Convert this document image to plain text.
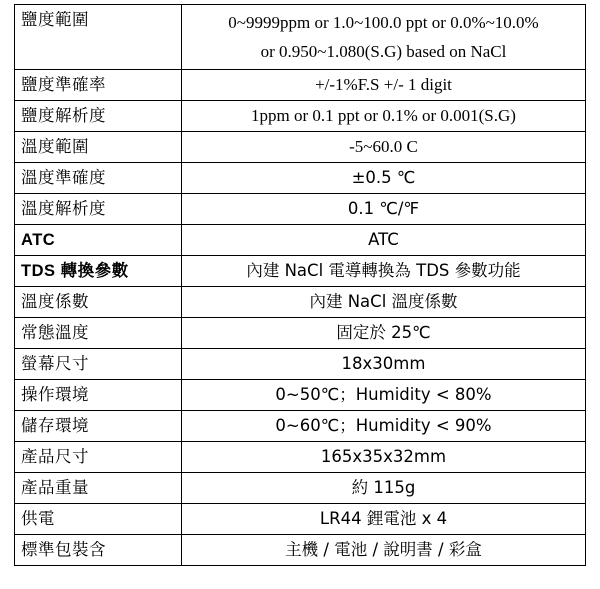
鹽度範圍	0~9999ppm or 1.0~100.0 ppt or 0.0%~10.0%
or 0.950~1.080(S.G) based on NaCl

鹽度準確率	+/-1%F.S +/- 1 digit
鹽度解析度	1ppm or 0.1 ppt or 0.1% or 0.001(S.G)
溫度範圍	-5~60.0 C
溫度準確度	±0.5 ℃
溫度解析度	0.1 ℃/℉
ATC	ATC
TDS 轉換參數	內建 NaCl 電導轉換為 TDS 參數功能
溫度係數	內建 NaCl 溫度係數
常態溫度	固定於 25℃
螢幕尺寸	18x30mm
操作環境	0~50℃；Humidity < 80%
儲存環境	0~60℃；Humidity < 90%
產品尺寸	165x35x32mm
產品重量	約 115g
供電	LR44 鋰電池 x 4
標準包裝含	主機 / 電池 / 說明書 / 彩盒
